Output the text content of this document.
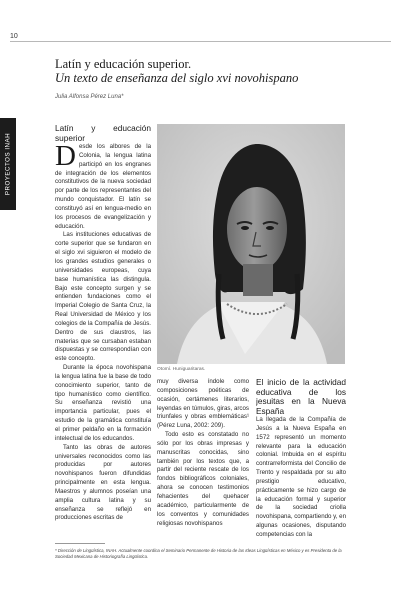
10
Latín y educación superior.
Un texto de enseñanza del siglo xvi novohispano
Julia Alfonsa Pérez Luna*
PROYECTOS INAH
Latín y educación superior

Desde los albores de la Colonia, la lengua latina participó en los engranes de integración de los elementos constitutivos de la nueva sociedad por parte de los representantes del mundo conquistador. El latín se constituyó así en lengua-medio en los procesos de evangelización y educación.

Las instituciones educativas de corte superior que se fundaron en el siglo xvi siguieron el modelo de los grandes estudios generales o universidades europeas, cuya base humanística las distingula. Bajo este concepto surgen y se entienden fundaciones como el Imperial Colegio de Santa Cruz, la Real Universidad de México y los colegios de la Compañía de Jesús. Dentro de sus claustros, las materias que se cursaban estaban dispuestas y se correspondían con este concepto.

Durante la época novohispana la lengua latina fue la base de todo conocimiento superior, tanto de tipo humanístico como científico. Su enseñanza revistió una importancia particular, pues el estudio de la gramática constituía el primer peldaño en la formación intelectual de los educandos.

Tanto las obras de autores universales reconocidos como las producidas por autores novohispanos fueron difundidas principalmente en esta lengua. Maestros y alumnos poseían una amplia cultura latina y su enseñanza se reflejó en producciones escritas de

Otomí. Huniguaritaras.

muy diversa índole como composiciones poéticas de ocasión, certámenes literarios, leyendas en túmulos, giras, arcos triunfales y obras emblemáticas¹ (Pérez Luna, 2002: 209).

Todo esto es constatado no sólo por los obras impresas y manuscritas conocidas, sino también por los textos que, a partir del reciente rescate de los fondos bibliográficos coloniales, ahora se conocen testimonios fehacientes del quehacer académico, particularmente de los conventos y comunidades religiosas novohispanos

El inicio de la actividad educativa de los jesuitas en la Nueva España

La llegada de la Compañía de Jesús a la Nueva España en 1572 representó un momento relevante para la educación colonial. Imbuida en el espíritu contrarreformista del Concilio de Trento y respaldada por su alto prestigio educativo, prácticamente se hizo cargo de la educación formal y superior de la sociedad criolla novohispana, compartiendo y, en algunas ocasiones, disputando competencias con la

* Dirección de Lingüística, INAH. Actualmente coordina el Seminario Permanente de Historia de las Ideas Lingüísticas en México y es Presidenta de la Sociedad Mexicana de Historiografía Lingüística.
